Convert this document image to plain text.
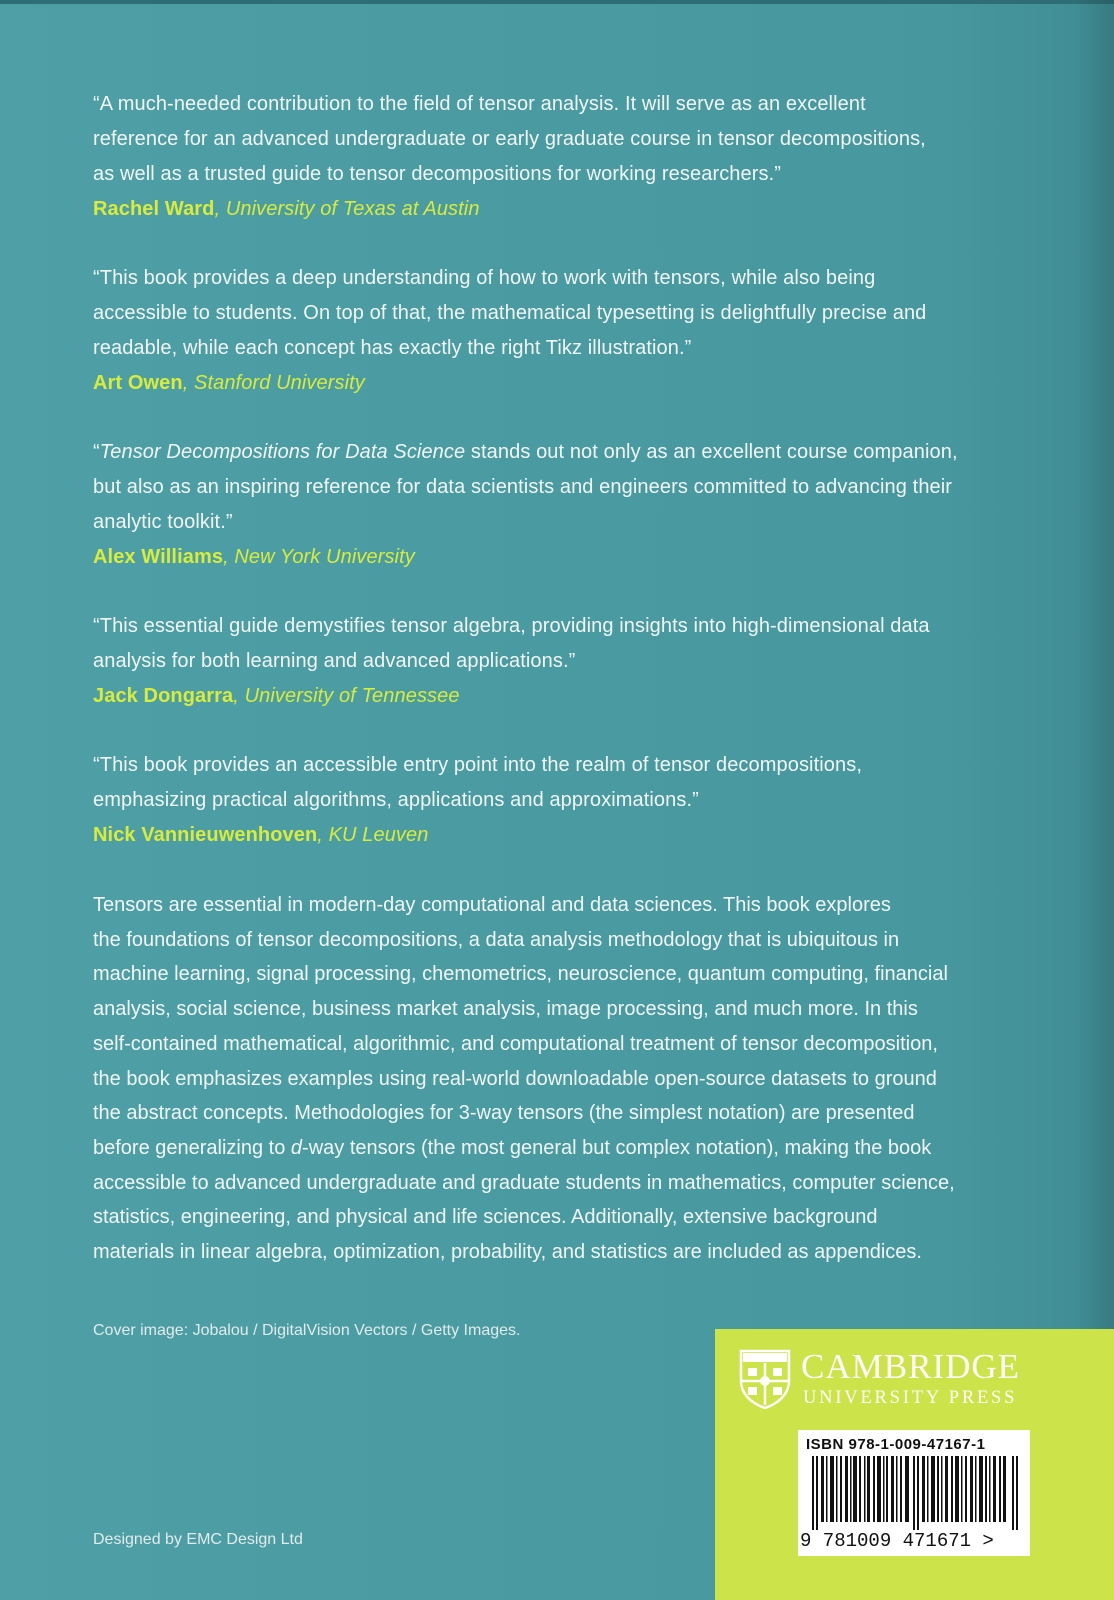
“A much-needed contribution to the field of tensor analysis. It will serve as an excellent

reference for an advanced undergraduate or early graduate course in tensor decompositions,

as well as a trusted guide to tensor decompositions for working researchers.”

Rachel Ward, University of Texas at Austin

“This book provides a deep understanding of how to work with tensors, while also being

accessible to students. On top of that, the mathematical typesetting is delightfully precise and

readable, while each concept has exactly the right Tikz illustration.”

Art Owen, Stanford University

“Tensor Decompositions for Data Science stands out not only as an excellent course companion,

but also as an inspiring reference for data scientists and engineers committed to advancing their

analytic toolkit.”

Alex Williams, New York University

“This essential guide demystifies tensor algebra, providing insights into high-dimensional data

analysis for both learning and advanced applications.”

Jack Dongarra, University of Tennessee

“This book provides an accessible entry point into the realm of tensor decompositions,

emphasizing practical algorithms, applications and approximations.”

Nick Vannieuwenhoven, KU Leuven

Tensors are essential in modern-day computational and data sciences. This book explores

the foundations of tensor decompositions, a data analysis methodology that is ubiquitous in

machine learning, signal processing, chemometrics, neuroscience, quantum computing, financial

analysis, social science, business market analysis, image processing, and much more. In this

self-contained mathematical, algorithmic, and computational treatment of tensor decomposition,

the book emphasizes examples using real-world downloadable open-source datasets to ground

the abstract concepts. Methodologies for 3-way tensors (the simplest notation) are presented

before generalizing to d-way tensors (the most general but complex notation), making the book

accessible to advanced undergraduate and graduate students in mathematics, computer science,

statistics, engineering, and physical and life sciences. Additionally, extensive background

materials in linear algebra, optimization, probability, and statistics are included as appendices.

Cover image: Jobalou / DigitalVision Vectors / Getty Images.
Designed by EMC Design Ltd
CAMBRIDGE
UNIVERSITY PRESS
ISBN 978-1-009-47167-1
9 781009 471671 >
